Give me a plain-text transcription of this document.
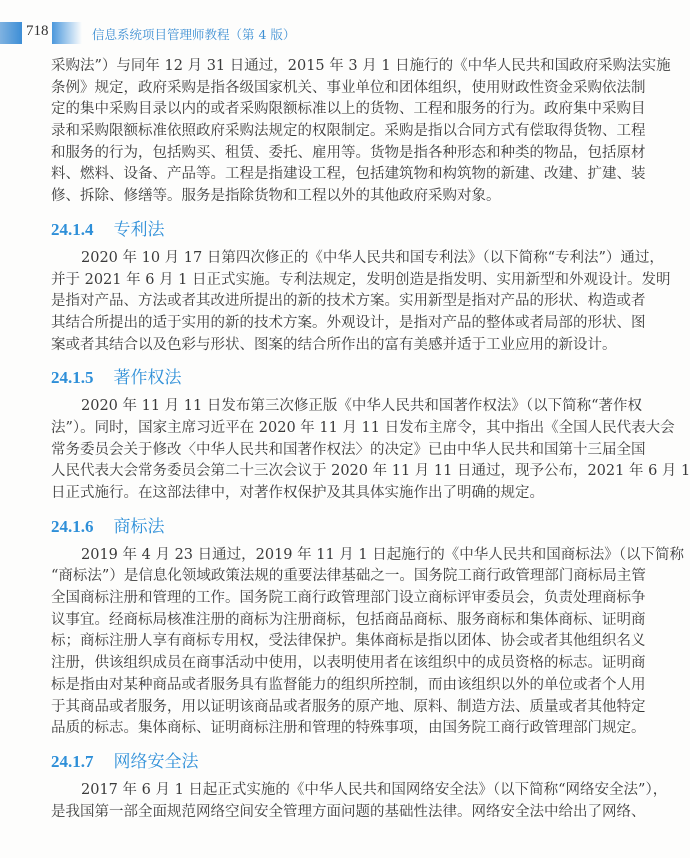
718	信息系统项目管理师教程（第 4 版）
采购法”）与同年 12 月 31 日通过，2015 年 3 月 1 日施行的《中华人民共和国政府采购法实施
条例》规定，政府采购是指各级国家机关、事业单位和团体组织，使用财政性资金采购依法制
定的集中采购目录以内的或者采购限额标准以上的货物、工程和服务的行为。政府集中采购目
录和采购限额标准依照政府采购法规定的权限制定。采购是指以合同方式有偿取得货物、工程
和服务的行为，包括购买、租赁、委托、雇用等。货物是指各种形态和种类的物品，包括原材
料、燃料、设备、产品等。工程是指建设工程，包括建筑物和构筑物的新建、改建、扩建、装
修、拆除、修缮等。服务是指除货物和工程以外的其他政府采购对象。
24.1.4 专利法
2020 年 10 月 17 日第四次修正的《中华人民共和国专利法》（以下简称“专利法”）通过，
并于 2021 年 6 月 1 日正式实施。专利法规定，发明创造是指发明、实用新型和外观设计。发明
是指对产品、方法或者其改进所提出的新的技术方案。实用新型是指对产品的形状、构造或者
其结合所提出的适于实用的新的技术方案。外观设计，是指对产品的整体或者局部的形状、图
案或者其结合以及色彩与形状、图案的结合所作出的富有美感并适于工业应用的新设计。
24.1.5 著作权法
2020 年 11 月 11 日发布第三次修正版《中华人民共和国著作权法》（以下简称“著作权
法”）。同时，国家主席习近平在 2020 年 11 月 11 日发布主席令，其中指出《全国人民代表大会
常务委员会关于修改〈中华人民共和国著作权法〉的决定》已由中华人民共和国第十三届全国
人民代表大会常务委员会第二十三次会议于 2020 年 11 月 11 日通过，现予公布，2021 年 6 月 1
日正式施行。在这部法律中，对著作权保护及其具体实施作出了明确的规定。
24.1.6 商标法
2019 年 4 月 23 日通过，2019 年 11 月 1 日起施行的《中华人民共和国商标法》（以下简称
“商标法”）是信息化领域政策法规的重要法律基础之一。国务院工商行政管理部门商标局主管
全国商标注册和管理的工作。国务院工商行政管理部门设立商标评审委员会，负责处理商标争
议事宜。经商标局核准注册的商标为注册商标，包括商品商标、服务商标和集体商标、证明商
标；商标注册人享有商标专用权，受法律保护。集体商标是指以团体、协会或者其他组织名义
注册，供该组织成员在商事活动中使用，以表明使用者在该组织中的成员资格的标志。证明商
标是指由对某种商品或者服务具有监督能力的组织所控制，而由该组织以外的单位或者个人用
于其商品或者服务，用以证明该商品或者服务的原产地、原料、制造方法、质量或者其他特定
品质的标志。集体商标、证明商标注册和管理的特殊事项，由国务院工商行政管理部门规定。
24.1.7 网络安全法
2017 年 6 月 1 日起正式实施的《中华人民共和国网络安全法》（以下简称“网络安全法”），
是我国第一部全面规范网络空间安全管理方面问题的基础性法律。网络安全法中给出了网络、
